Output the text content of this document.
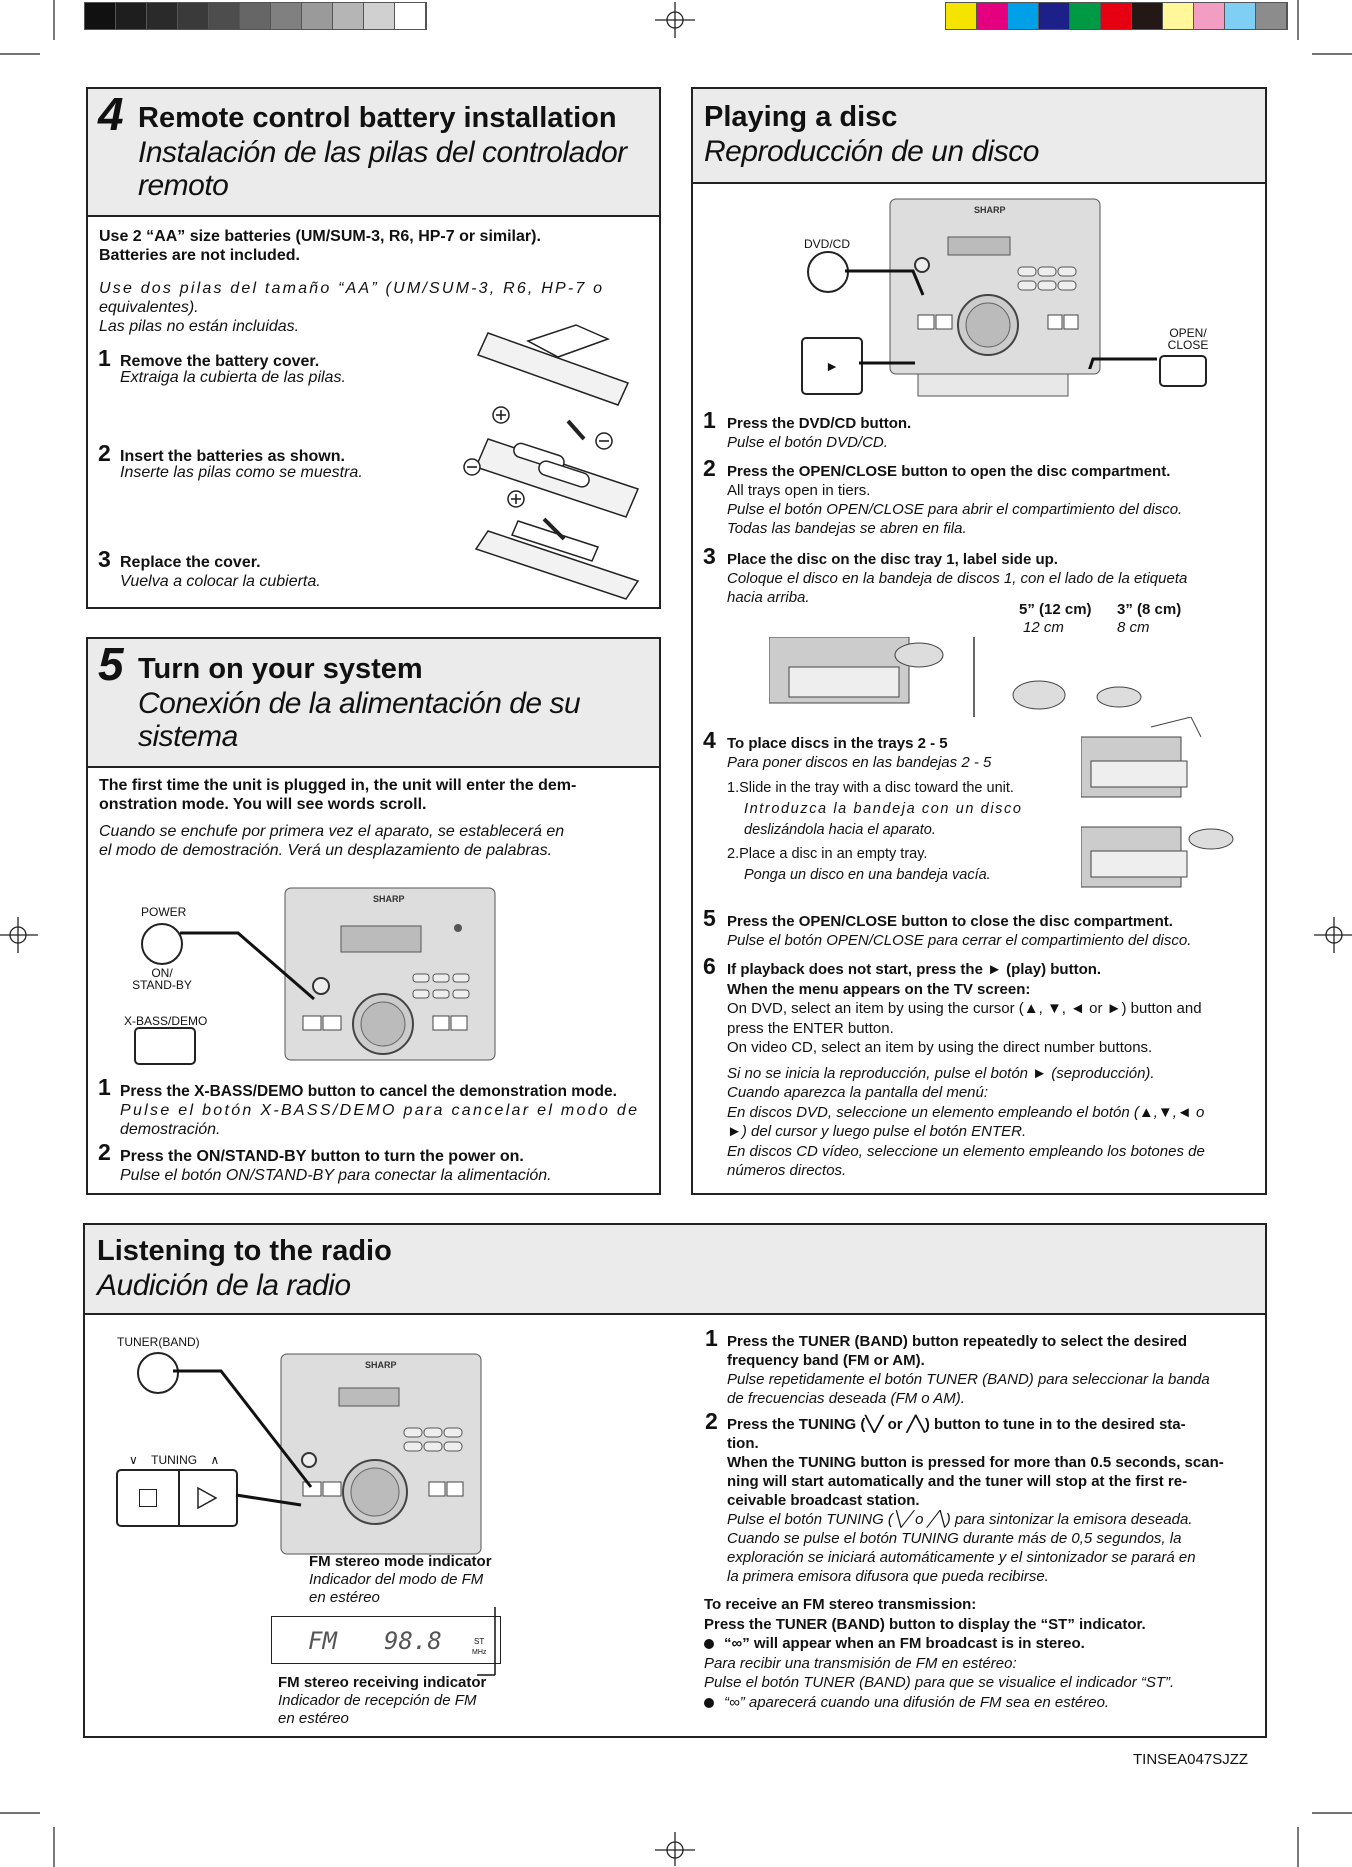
4 Remote control battery installation
Instalación de las pilas del controlador
remoto
Use 2 “AA” size batteries (UM/SUM-3, R6, HP-7 or similar).
Batteries are not included.
Use dos pilas del tamaño “AA” (UM/SUM-3, R6, HP-7 o
equivalentes).
Las pilas no están incluidas.
1 Remove the battery cover.
Extraiga la cubierta de las pilas.
2 Insert the batteries as shown.
Inserte las pilas como se muestra.
3 Replace the cover.
Vuelva a colocar la cubierta.
5 Turn on your system
Conexión de la alimentación de su
sistema
The first time the unit is plugged in, the unit will enter the dem-
onstration mode. You will see words scroll.
Cuando se enchufe por primera vez el aparato, se establecerá en
el modo de demostración. Verá un desplazamiento de palabras.
POWER
ON/
STAND-BY
X-BASS/DEMO
SHARP
1 Press the X-BASS/DEMO button to cancel the demonstration mode.
Pulse el botón X-BASS/DEMO para cancelar el modo de
demostración.
2 Press the ON/STAND-BY button to turn the power on.
Pulse el botón ON/STAND-BY para conectar la alimentación.
Playing a disc
Reproducción de un disco
DVD/CD
►
OPEN/
CLOSE
SHARP
1 Press the DVD/CD button.
Pulse el botón DVD/CD.
2 Press the OPEN/CLOSE button to open the disc compartment.
All trays open in tiers.
Pulse el botón OPEN/CLOSE para abrir el compartimiento del disco.
Todas las bandejas se abren en fila.
3 Place the disc on the disc tray 1, label side up.
Coloque el disco en la bandeja de discos 1, con el lado de la etiqueta
hacia arriba.
5” (12 cm)
12 cm
3” (8 cm)
8 cm
4 To place discs in the trays 2 - 5
Para poner discos en las bandejas 2 - 5
1.Slide in the tray with a disc toward the unit.
Introduzca la bandeja con un disco
deslizándola hacia el aparato.
2.Place a disc in an empty tray.
Ponga un disco en una bandeja vacía.
5 Press the OPEN/CLOSE button to close the disc compartment.
Pulse el botón OPEN/CLOSE para cerrar el compartimiento del disco.
6 If playback does not start, press the ► (play) button.
When the menu appears on the TV screen:
On DVD, select an item by using the cursor (▲, ▼, ◄ or ►) button and
press the ENTER button.
On video CD, select an item by using the direct number buttons.
Si no se inicia la reproducción, pulse el botón ► (seproducción).
Cuando aparezca la pantalla del menú:
En discos DVD, seleccione un elemento empleando el botón (▲,▼,◄ o
►) del cursor y luego pulse el botón ENTER.
En discos CD vídeo, seleccione un elemento empleando los botones de
números directos.
Listening to the radio
Audición de la radio
TUNER(BAND)
∨ TUNING ∧
SHARP
FM stereo mode indicator
Indicador del modo de FM
en estéreo
FM 98.8	ST
MHz
FM stereo receiving indicator
Indicador de recepción de FM
en estéreo
1 Press the TUNER (BAND) button repeatedly to select the desired
frequency band (FM or AM).
Pulse repetidamente el botón TUNER (BAND) para seleccionar la banda
de frecuencias deseada (FM o AM).
2 Press the TUNING (╲╱ or ╱╲) button to tune in to the desired sta-
tion.
When the TUNING button is pressed for more than 0.5 seconds, scan-
ning will start automatically and the tuner will stop at the first re-
ceivable broadcast station.
Pulse el botón TUNING (╲╱ o ╱╲) para sintonizar la emisora deseada.
Cuando se pulse el botón TUNING durante más de 0,5 segundos, la
exploración se iniciará automáticamente y el sintonizador se parará en
la primera emisora difusora que pueda recibirse.
To receive an FM stereo transmission:
Press the TUNER (BAND) button to display the “ST” indicator.
“∞” will appear when an FM broadcast is in stereo.
Para recibir una transmisión de FM en estéreo:
Pulse el botón TUNER (BAND) para que se visualice el indicador “ST”.
“∞” aparecerá cuando una difusión de FM sea en estéreo.
TINSEA047SJZZ
